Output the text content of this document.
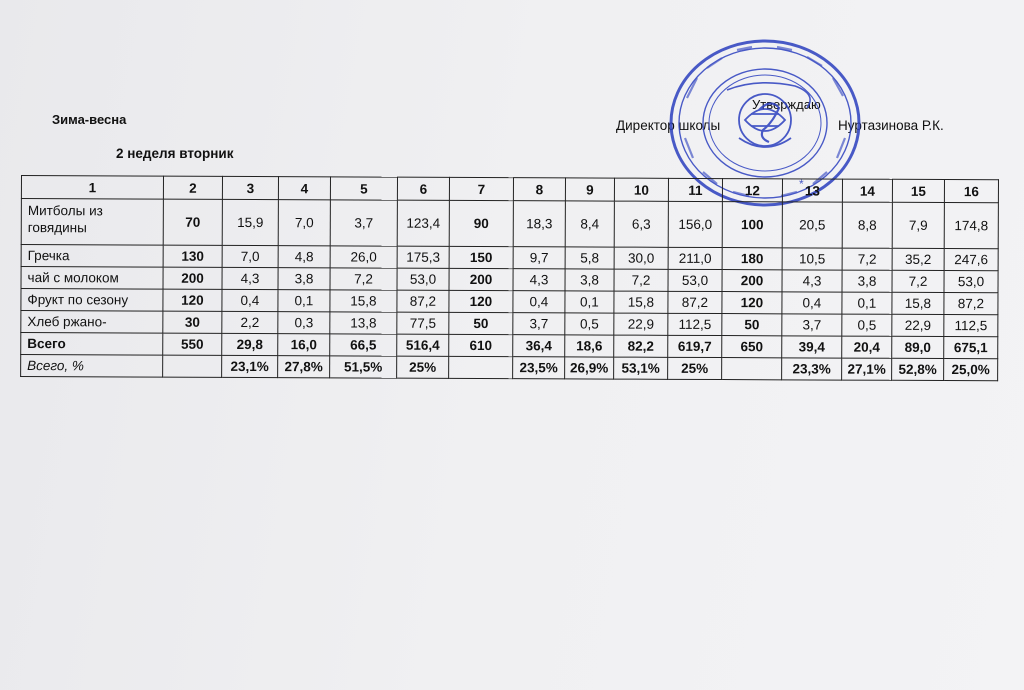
Зима-весна
2 неделя вторник
Утверждаю
Директор школы	Нуртазинова Р.К.
*
1	2	3	4	5	6	7	8	9	10	11	12	13	14	15	16
Митболы из говядины	70	15,9	7,0	3,7	123,4	90	18,3	8,4	6,3	156,0	100	20,5	8,8	7,9	174,8
Гречка	130	7,0	4,8	26,0	175,3	150	9,7	5,8	30,0	211,0	180	10,5	7,2	35,2	247,6
чай с молоком	200	4,3	3,8	7,2	53,0	200	4,3	3,8	7,2	53,0	200	4,3	3,8	7,2	53,0
Фрукт по сезону	120	0,4	0,1	15,8	87,2	120	0,4	0,1	15,8	87,2	120	0,4	0,1	15,8	87,2
Хлеб ржано-	30	2,2	0,3	13,8	77,5	50	3,7	0,5	22,9	112,5	50	3,7	0,5	22,9	112,5
Всего	550	29,8	16,0	66,5	516,4	610	36,4	18,6	82,2	619,7	650	39,4	20,4	89,0	675,1
Всего, %		23,1%	27,8%	51,5%	25%		23,5%	26,9%	53,1%	25%		23,3%	27,1%	52,8%	25,0%
